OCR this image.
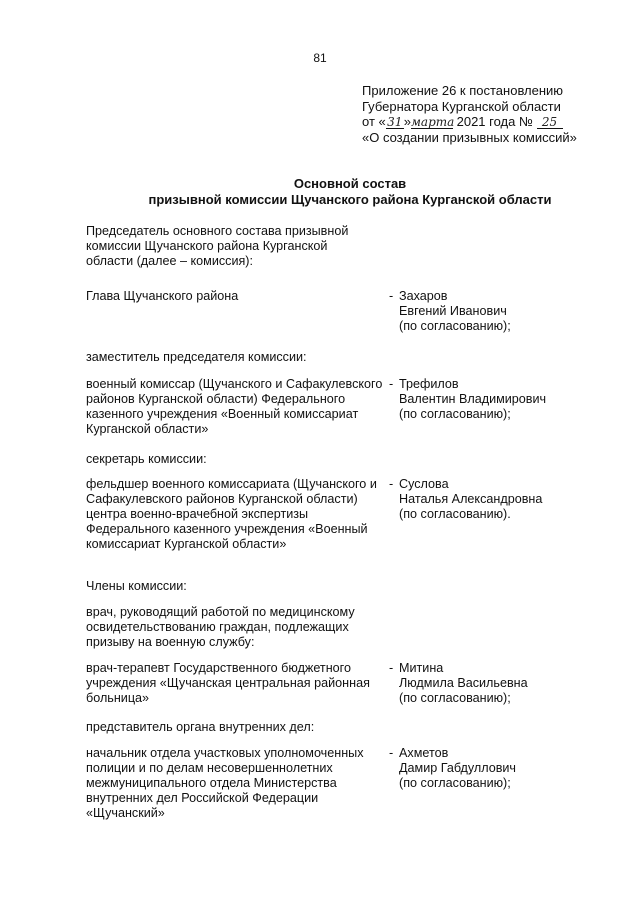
81
Приложение 26 к постановлению
Губернатора Курганской области
от «31»марта 2021 года № 25
«О создании призывных комиссий»
Основной состав
призывной комиссии Щучанского района Курганской области
Председатель основного состава призывной комиссии Щучанского района Курганской области (далее – комиссия):
Глава Щучанского района	- Захаров
Евгений Иванович
(по согласованию);
заместитель председателя комиссии:
военный комиссар (Щучанского и Сафакулевского районов Курганской области) Федерального казенного учреждения «Военный комиссариат Курганской области»
- Трефилов
Валентин Владимирович
(по согласованию);
секретарь комиссии:
фельдшер военного комиссариата (Щучанского и Сафакулевского районов Курганской области) центра военно-врачебной экспертизы Федерального казенного учреждения «Военный комиссариат Курганской области»
- Суслова
Наталья Александровна
(по согласованию).
Члены комиссии:
врач, руководящий работой по медицинскому освидетельствованию граждан, подлежащих призыву на военную службу:
врач-терапевт Государственного бюджетного учреждения «Щучанская центральная районная больница»
- Митина
Людмила Васильевна
(по согласованию);
представитель органа внутренних дел:
начальник отдела участковых уполномоченных полиции и по делам несовершеннолетних межмуниципального отдела Министерства внутренних дел Российской Федерации «Щучанский»
- Ахметов
Дамир Габдуллович
(по согласованию);
